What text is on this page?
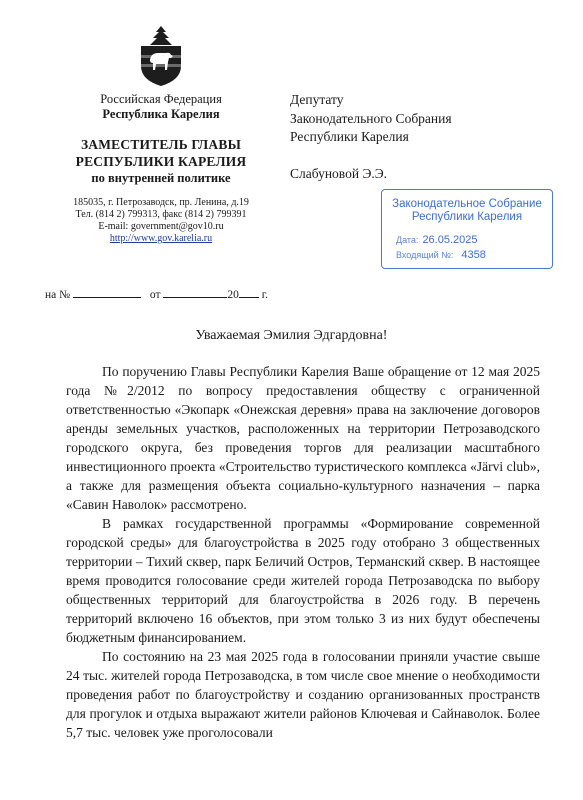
Российская Федерация
Республика Карелия
ЗАМЕСТИТЕЛЬ ГЛАВЫ
РЕСПУБЛИКИ КАРЕЛИЯ
по внутренней политике
185035, г. Петрозаводск, пр. Ленина, д.19
Тел. (814 2) 799313, факс (814 2) 799391
E-mail: government@gov10.ru
http://www.gov.karelia.ru
Депутату
Законодательного Собрания
Республики Карелия
Слабуновой Э.Э.
Законодательное Собрание
Республики Карелия
Дата: 26.05.2025
Входящий №: 4358
на №	от	20 г.
Уважаемая Эмилия Эдгардовна!

По поручению Главы Республики Карелия Ваше обращение от 12 мая 2025 года №2/2012 по вопросу предоставления обществу с ограниченной ответственностью «Экопарк «Онежская деревня» права на заключение договоров аренды земельных участков, расположенных на территории Петрозаводского городского округа, без проведения торгов для реализации масштабного инвестиционного проекта «Строительство туристического комплекса «Järvi club», а также для размещения объекта социально-культурного назначения – парка «Савин Наволок» рассмотрено.

В рамках государственной программы «Формирование современной городской среды» для благоустройства в 2025 году отобрано 3 общественных территории – Тихий сквер, парк Беличий Остров, Терманский сквер. В настоящее время проводится голосование среди жителей города Петрозаводска по выбору общественных территорий для благоустройства в 2026 году. В перечень территорий включено 16 объектов, при этом только 3 из них будут обеспечены бюджетным финансированием.

По состоянию на 23 мая 2025 года в голосовании приняли участие свыше 24 тыс. жителей города Петрозаводска, в том числе свое мнение о необходимости проведения работ по благоустройству и созданию организованных пространств для прогулок и отдыха выражают жители районов Ключевая и Сайнаволок. Более 5,7 тыс. человек уже проголосовали
